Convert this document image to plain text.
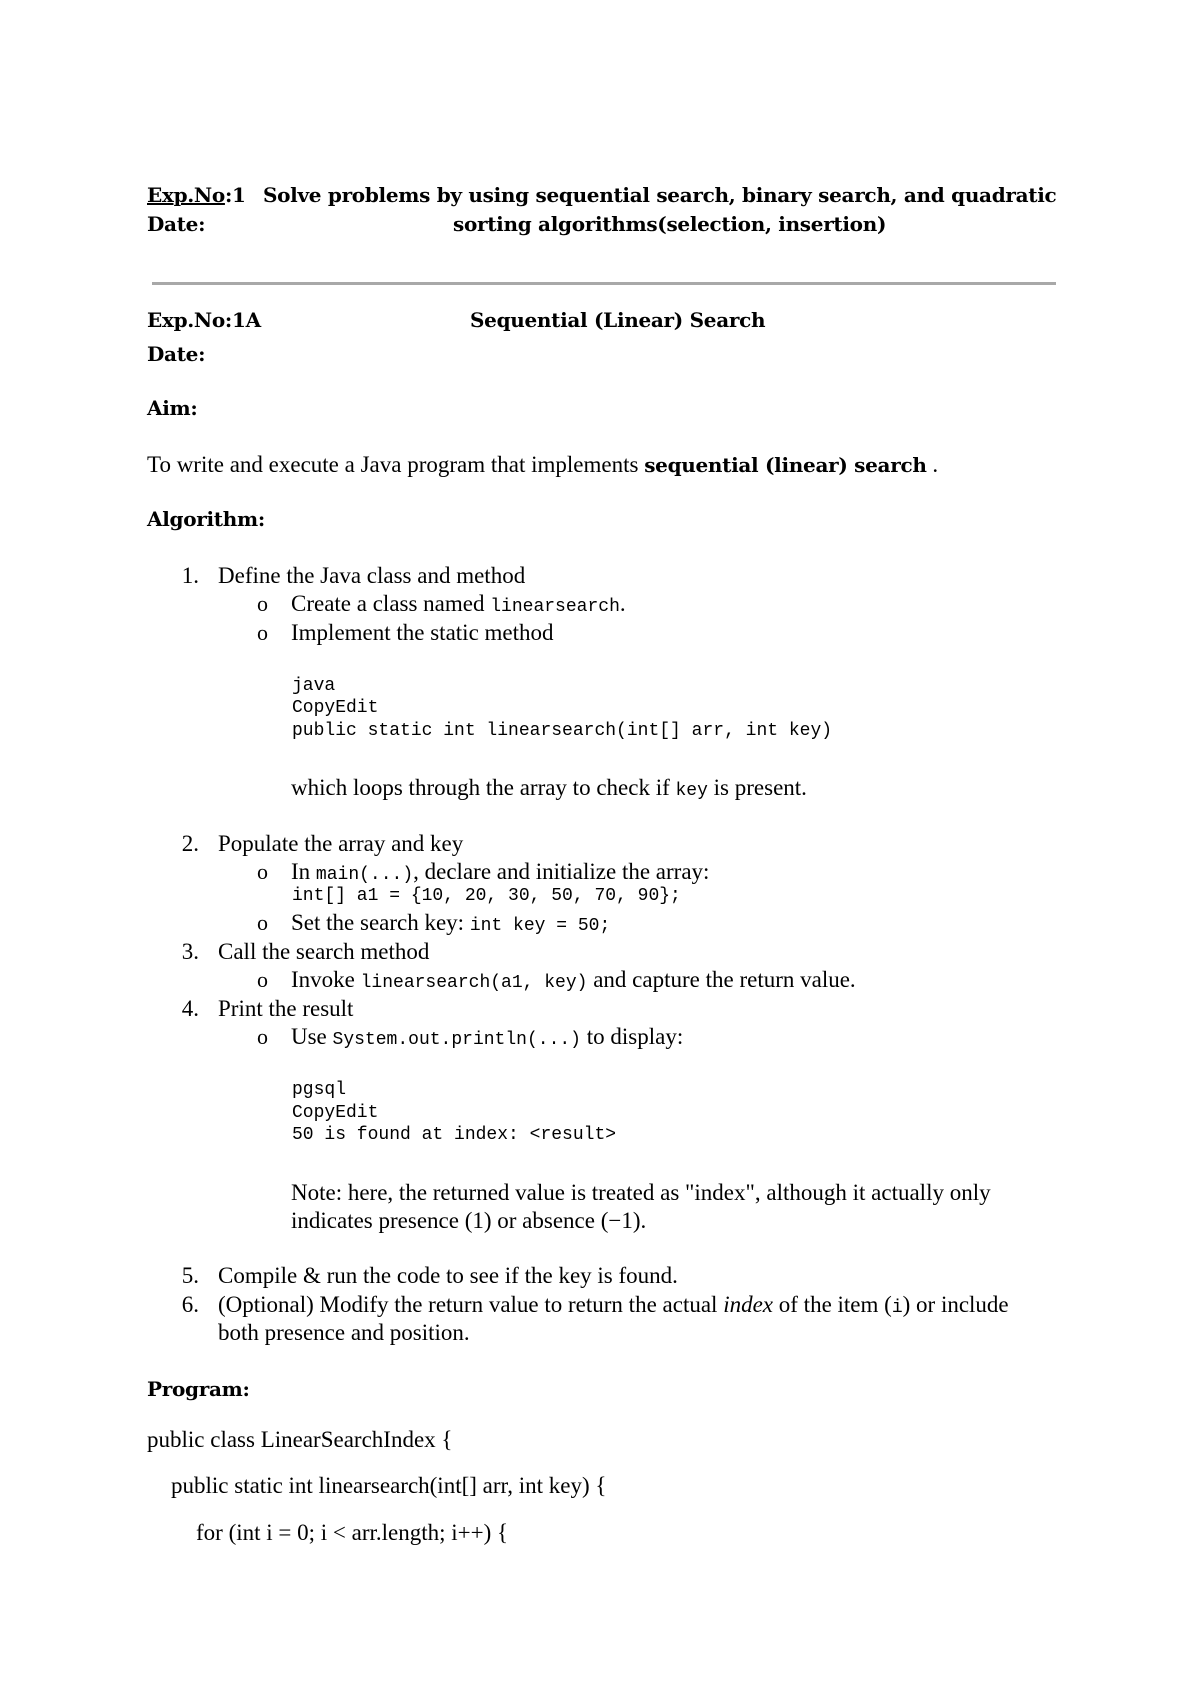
Exp.No:1 Solve problems by using sequential search, binary search, and quadratic
Date:	sorting algorithms(selection, insertion)
Exp.No:1A	Sequential (Linear) Search
Date:
Aim:
To write and execute a Java program that implements sequential (linear) search .
Algorithm:
1. Define the Java class and method
o Create a class named linearsearch.
o Implement the static method
java
CopyEdit
public static int linearsearch(int[] arr, int key)
which loops through the array to check if key is present.
2. Populate the array and key
o In main(...), declare and initialize the array:
int[] a1 = {10, 20, 30, 50, 70, 90};
o Set the search key: int key = 50;
3. Call the search method
o Invoke linearsearch(a1, key) and capture the return value.
4. Print the result
o Use System.out.println(...) to display:
pgsql
CopyEdit
50 is found at index: <result>
Note: here, the returned value is treated as "index", although it actually only
indicates presence (1) or absence (−1).
5. Compile & run the code to see if the key is found.
6. (Optional) Modify the return value to return the actual index of the item (i) or include
both presence and position.
Program:
public class LinearSearchIndex {
public static int linearsearch(int[] arr, int key) {
for (int i = 0; i < arr.length; i++) {
